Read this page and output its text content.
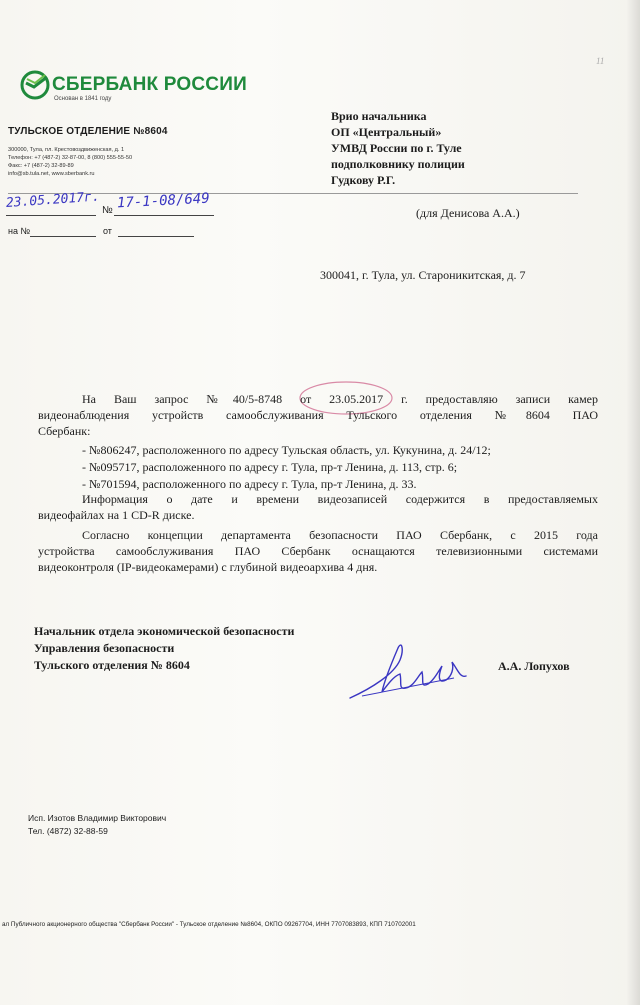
СБЕРБАНК РОССИИ
Основан в 1841 году
ТУЛЬСКОЕ ОТДЕЛЕНИЕ №8604
300000, Тула, пл. Крестовоздвиженская, д. 1
Телефон: +7 (487-2) 32-87-00, 8 (800) 555-55-50
Факс: +7 (487-2) 32-89-89
info@sb.tula.net, www.sberbank.ru
11
Врио начальника
ОП «Центральный»
УМВД России по г. Туле
подполковнику полиции
Гудкову Р.Г.
23.05.2017г. № 17-1-08/649
на №	от
(для Денисова А.А.)
300041, г. Тула, ул. Старoникитская, д. 7
На Ваш запрос №40/5-8748 от 23.05.2017 г. предоставляю записи камер
видеонаблюдения устройств самообслуживания Тульского отделения №8604 ПАО
Сбербанк:
- №806247, расположенного по адресу Тульская область, ул. Кукунина, д. 24/12;
- №095717, расположенного по адресу г. Тула, пр-т Ленина, д. 113, стр. 6;
- №701594, расположенного по адресу г. Тула, пр-т Ленина, д. 33.
Информация о дате и времени видеозаписей содержится в предоставляемых
видеофайлах на 1 CD-R диске.
Согласно концепции департамента безопасности ПАО Сбербанк, с 2015 года
устройства самообслуживания ПАО Сбербанк оснащаются телевизионными системами
видеоконтроля (IP-видеокамерами) с глубиной видеоархива 4 дня.
Начальник отдела экономической безопасности
Управления безопасности
Тульского отделения № 8604	А.А. Лопухов
Исп. Изотов Владимир Викторович
Тел. (4872) 32-88-59
ал Публичного акционерного общества "Сбербанк России" - Тульское отделение №8604, ОКПО 09267704, ИНН 7707083893, КПП 710702001
